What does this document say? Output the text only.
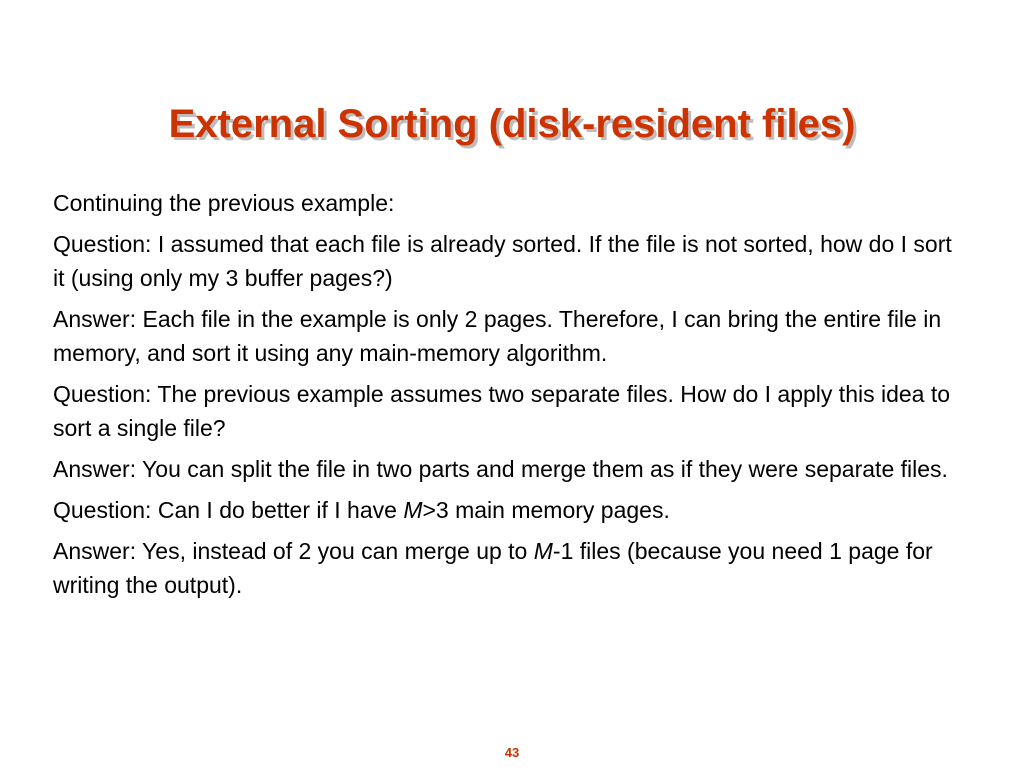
External Sorting (disk-resident files)

Continuing the previous example:

Question: I assumed that each file is already sorted. If the file is not sorted, how do I sort it (using only my 3 buffer pages?)

Answer: Each file in the example is only 2 pages. Therefore, I can bring the entire file in memory, and sort it using any main-memory algorithm.

Question: The previous example assumes two separate files. How do I apply this idea to sort a single file?

Answer: You can split the file in two parts and merge them as if they were separate files.

Question: Can I do better if I have M>3 main memory pages.

Answer: Yes, instead of 2 you can merge up to M-1 files (because you need 1 page for writing the output).

43
